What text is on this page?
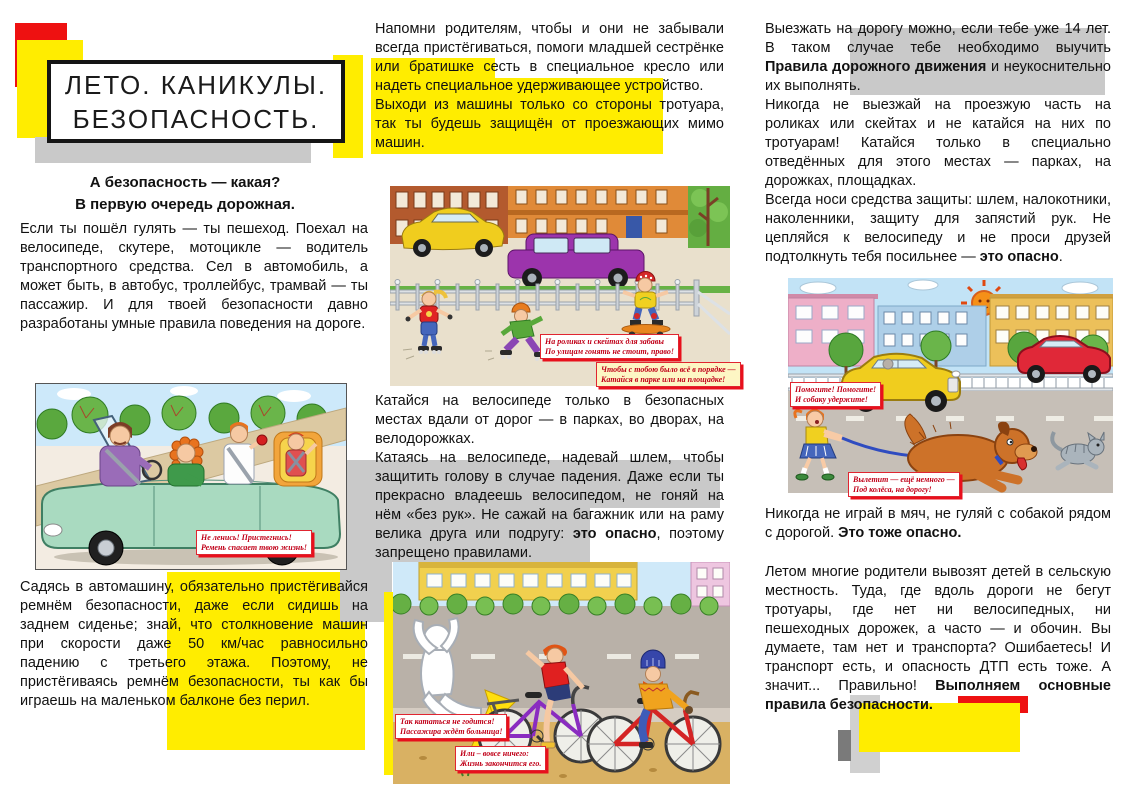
ЛЕТО. КАНИКУЛЫ.
БЕЗОПАСНОСТЬ.
А безопасность — какая?
В первую очередь дорожная.

Если ты пошёл гулять — ты пешеход. Поехал на велосипеде, скутере, мотоцикле — водитель транспортного средства. Сел в автомобиль, а может быть, в автобус, троллейбус, трамвай — ты пассажир. И для твоей безопасности давно разработаны умные правила поведения на дороге.

Не ленись! Пристегнись!
Ремень спасает твою жизнь!

Садясь в автомашину, обязательно пристёгивайся ремнём безопасности, даже если сидишь на заднем сиденье; знай, что столкновение машин при скорости даже 50 км/час равносильно падению с третьего этажа. Поэтому, не пристёгиваясь ремнём безопасности, ты как бы играешь на маленьком балконе без перил.

Напомни родителям, чтобы и они не забывали всегда пристёгиваться, помоги младшей сестрёнке или братишке сесть в специальное кресло или надеть специальное удерживающее устройство.

Выходи из машины только со стороны тротуара, так ты будешь защищён от проезжающих мимо машин.

На роликах и скейтах для забавы
По улицам гонять не стоит, право!
Чтобы с тобою было всё в порядке —
Катайся в парке или на площадке!

Катайся на велосипеде только в безопасных местах вдали от дорог — в парках, во дворах, на велодорожках.

Катаясь на велосипеде, надевай шлем, чтобы защитить голову в случае падения. Даже если ты прекрасно владеешь велосипедом, не гоняй на нём «без рук». Не сажай на багажник или на раму велика друга или подругу: это опасно, поэтому запрещено правилами.

Так кататься не годится!
Пассажира ждёт больница!
Или – вовсе ничего:
Жизнь закончится его.

Выезжать на дорогу можно, если тебе уже 14 лет. В таком случае тебе необходимо выучить Правила дорожного движения и неукоснительно их выполнять.

Никогда не выезжай на проезжую часть на роликах или скейтах и не катайся на них по тротуарам! Катайся только в специально отведённых для этого местах — парках, на дорожках, площадках.

Всегда носи средства защиты: шлем, налокотники, наколенники, защиту для запястий рук. Не цепляйся к велосипеду и не проси друзей подтолкнуть тебя посильнее — это опасно.

Помогите! Помогите!
И собаку удержите!
Вылетит — ещё немного —
Под колёса, на дорогу!

Никогда не играй в мяч, не гуляй с собакой рядом с дорогой. Это тоже опасно.

Летом многие родители вывозят детей в сельскую местность. Туда, где вдоль дороги не бегут тротуары, где нет ни велосипедных, ни пешеходных дорожек, а часто — и обочин. Вы думаете, там нет и транспорта? Ошибаетесь! И транспорт есть, и опасность ДТП есть тоже. А значит... Правильно! Выполняем основные правила безопасности.
